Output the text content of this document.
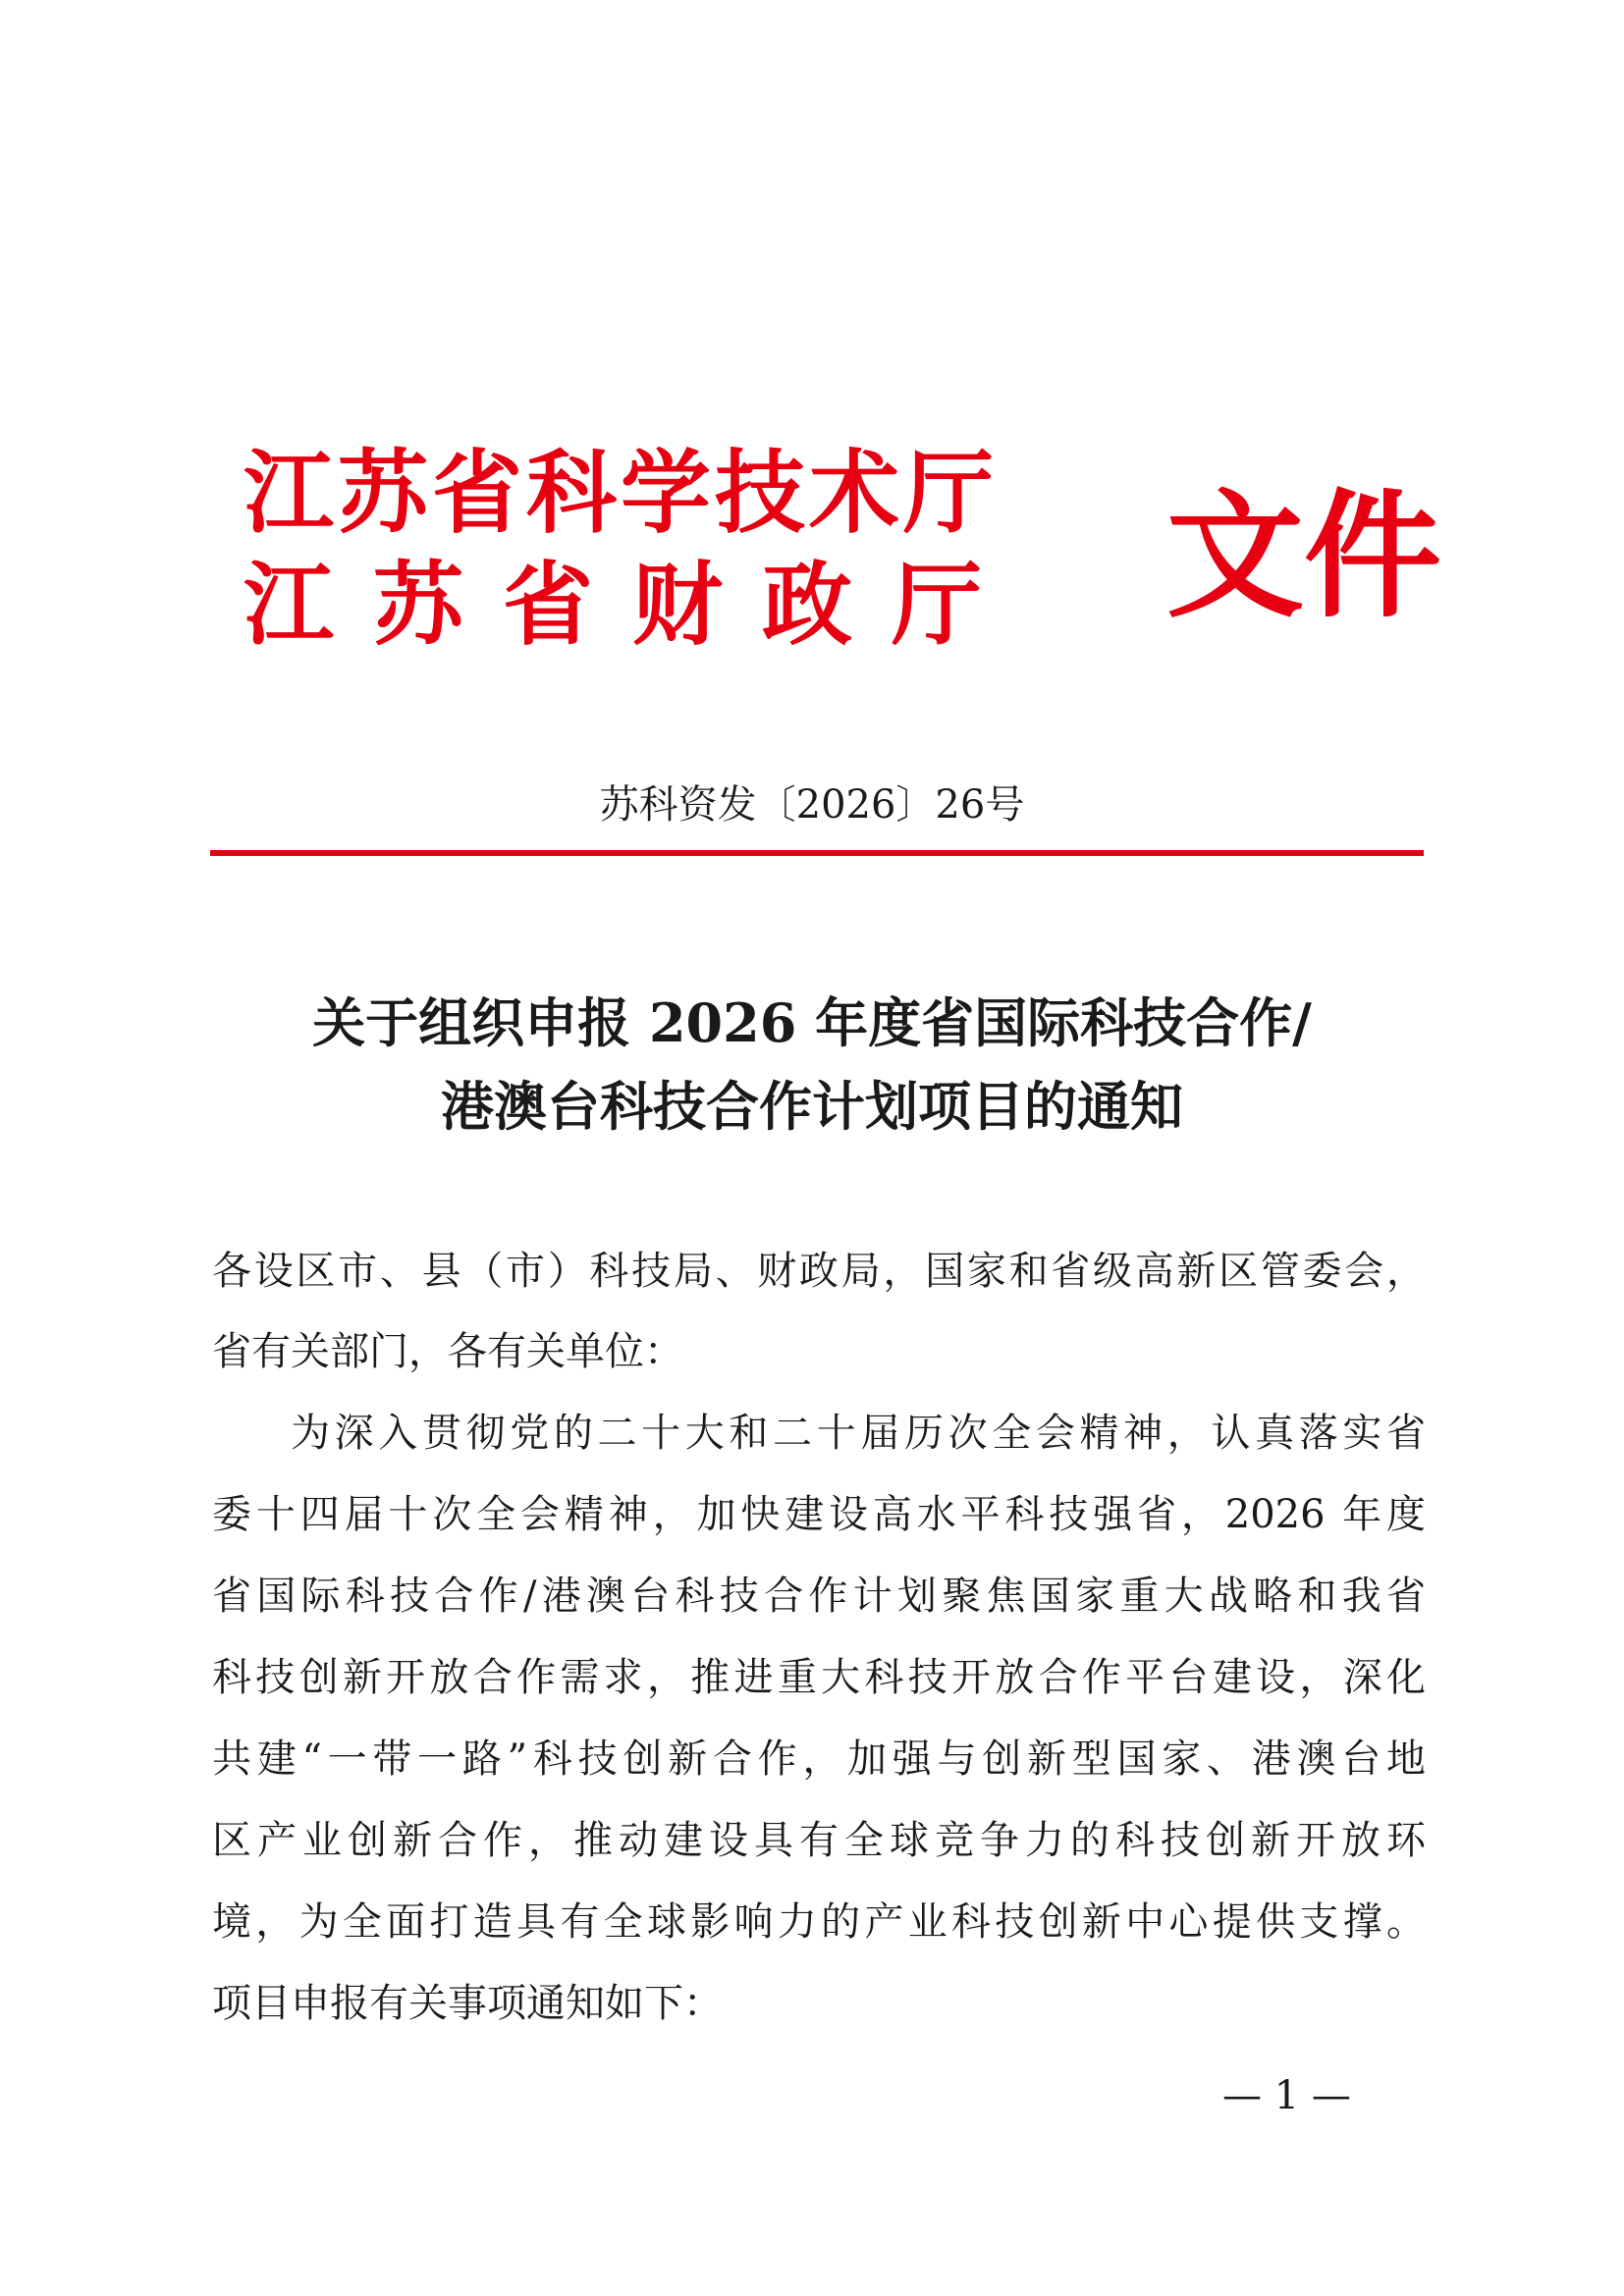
江苏省科学技术厅
江苏省财政厅 文件
苏科资发〔2026〕26号
关于组织申报 2026 年度省国际科技合作/
港澳台科技合作计划项目的通知
各设区市、县（市）科技局、财政局，国家和省级高新区管委会，
省有关部门，各有关单位：
为深入贯彻党的二十大和二十届历次全会精神，认真落实省
委十四届十次全会精神，加快建设高水平科技强省，2026 年度
省国际科技合作/港澳台科技合作计划聚焦国家重大战略和我省
科技创新开放合作需求，推进重大科技开放合作平台建设，深化
共建“一带一路”科技创新合作，加强与创新型国家、港澳台地
区产业创新合作，推动建设具有全球竞争力的科技创新开放环
境，为全面打造具有全球影响力的产业科技创新中心提供支撑。
项目申报有关事项通知如下：
— 1 —
